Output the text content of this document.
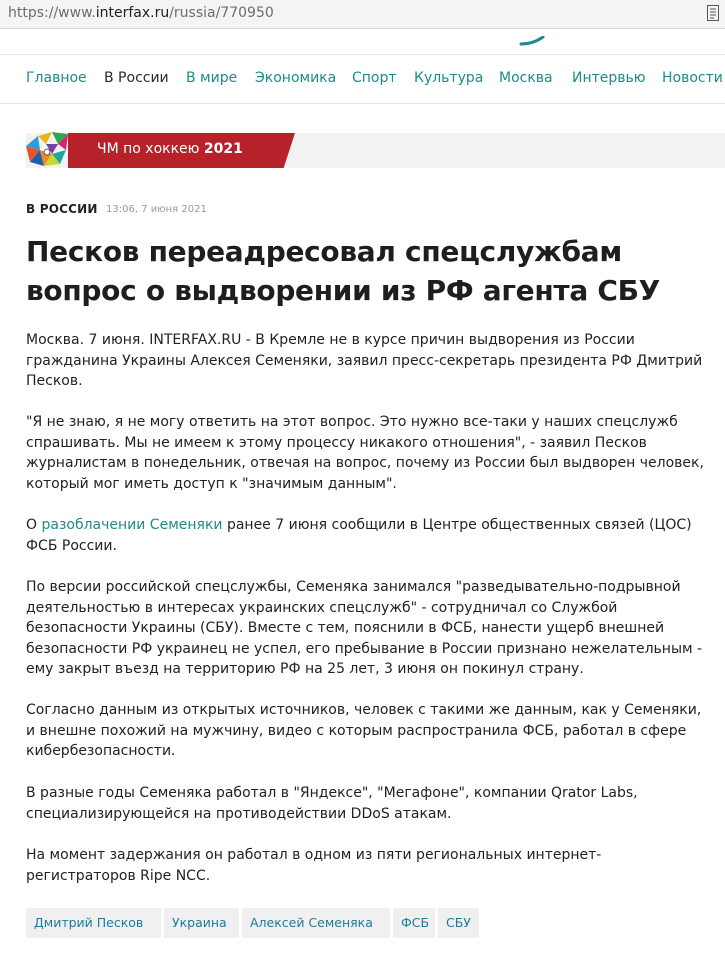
https://www.interfax.ru/russia/770950
Главное В России В мире Экономика Спорт Культура Москва Интервью Новости
ЧМ по хоккею 2021
В РОССИИ 13:06, 7 июня 2021
Песков переадресовал спецслужбам вопрос о выдворении из РФ агента СБУ

Москва. 7 июня. INTERFAX.RU - В Кремле не в курсе причин выдворения из России гражданина Украины Алексея Семеняки, заявил пресс-секретарь президента РФ Дмитрий Песков.

"Я не знаю, я не могу ответить на этот вопрос. Это нужно все-таки у наших спецслужб спрашивать. Мы не имеем к этому процессу никакого отношения", - заявил Песков журналистам в понедельник, отвечая на вопрос, почему из России был выдворен человек, который мог иметь доступ к "значимым данным".

О разоблачении Семеняки ранее 7 июня сообщили в Центре общественных связей (ЦОС) ФСБ России.

По версии российской спецслужбы, Семеняка занимался "разведывательно-подрывной деятельностью в интересах украинских спецслужб" - сотрудничал со Службой безопасности Украины (СБУ). Вместе с тем, пояснили в ФСБ, нанести ущерб внешней безопасности РФ украинец не успел, его пребывание в России признано нежелательным - ему закрыт въезд на территорию РФ на 25 лет, 3 июня он покинул страну.

Согласно данным из открытых источников, человек с такими же данным, как у Семеняки, и внешне похожий на мужчину, видео с которым распространила ФСБ, работал в сфере кибербезопасности.

В разные годы Семеняка работал в "Яндексе", "Мегафоне", компании Qrator Labs, специализирующейся на противодействии DDoS атакам.

На момент задержания он работал в одном из пяти региональных интернет-регистраторов Ripe NCC.

Дмитрий Песков	Украина	Алексей Семеняка	ФСБ	СБУ
